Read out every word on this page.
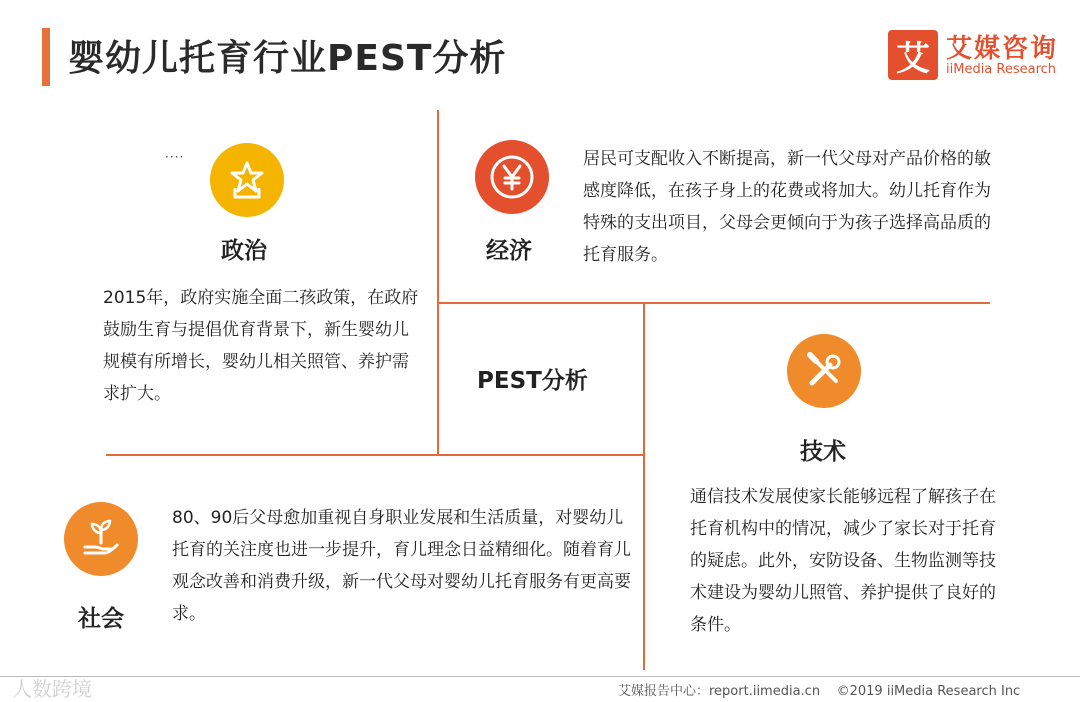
婴幼儿托育行业PEST分析	艾 艾媒咨询
iiMedia Research
····
政治
2015年，政府实施全面二孩政策，在政府鼓励生育与提倡优育背景下，新生婴幼儿规模有所增长，婴幼儿相关照管、养护需求扩大。
经济
居民可支配收入不断提高，新一代父母对产品价格的敏感度降低，在孩子身上的花费或将加大。幼儿托育作为特殊的支出项目，父母会更倾向于为孩子选择高品质的托育服务。
PEST分析
技术
通信技术发展使家长能够远程了解孩子在托育机构中的情况，减少了家长对于托育的疑虑。此外，安防设备、生物监测等技术建设为婴幼儿照管、养护提供了良好的条件。
社会
80、90后父母愈加重视自身职业发展和生活质量，对婴幼儿托育的关注度也进一步提升，育儿理念日益精细化。随着育儿观念改善和消费升级，新一代父母对婴幼儿托育服务有更高要求。
人数跨境	艾媒报告中心：report.iimedia.cn ©2019 iiMedia Research Inc
